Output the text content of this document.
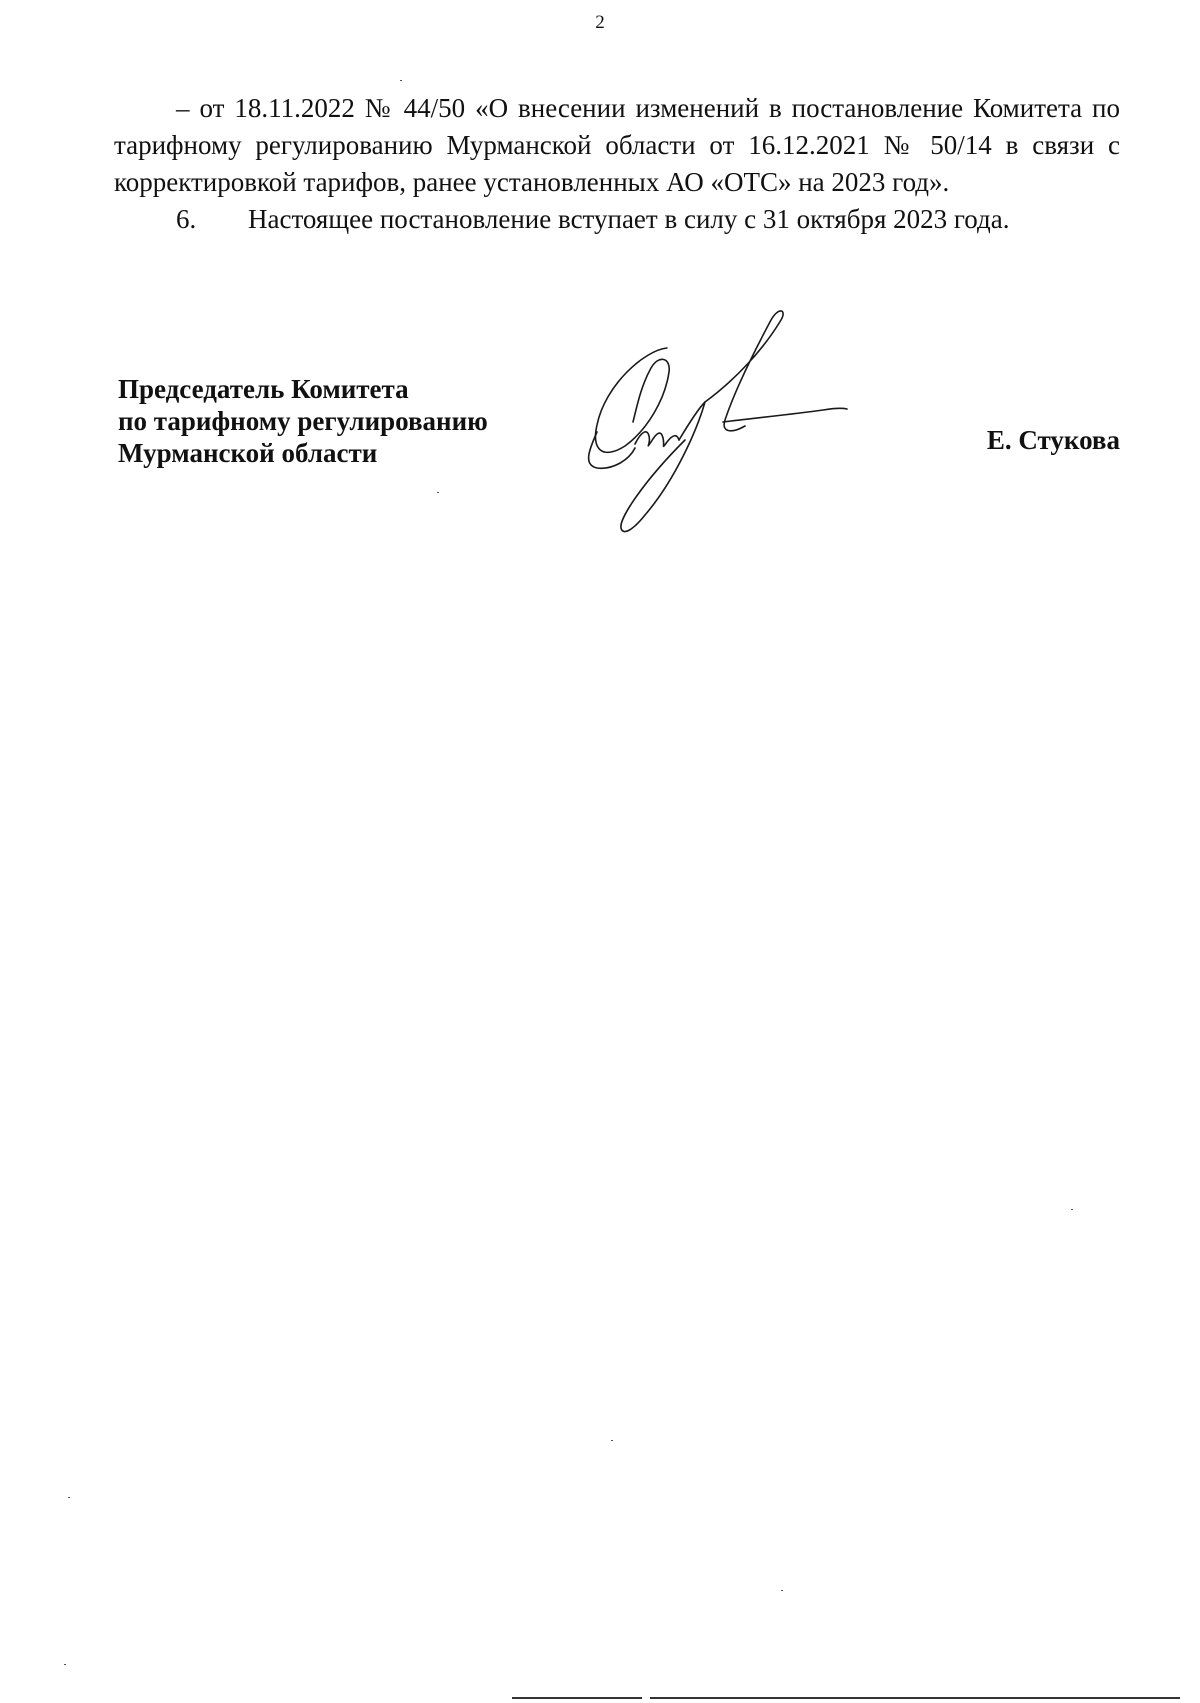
2

– от 18.11.2022 № 44/50 «О внесении изменений в постановление Комитета по тарифному регулированию Мурманской области от 16.12.2021 № 50/14 в связи с корректировкой тарифов, ранее установленных АО «ОТС» на 2023 год».

6. Настоящее постановление вступает в силу с 31 октября 2023 года.

Председатель Комитета
по тарифному регулированию
Мурманской области	Е. Стукова
